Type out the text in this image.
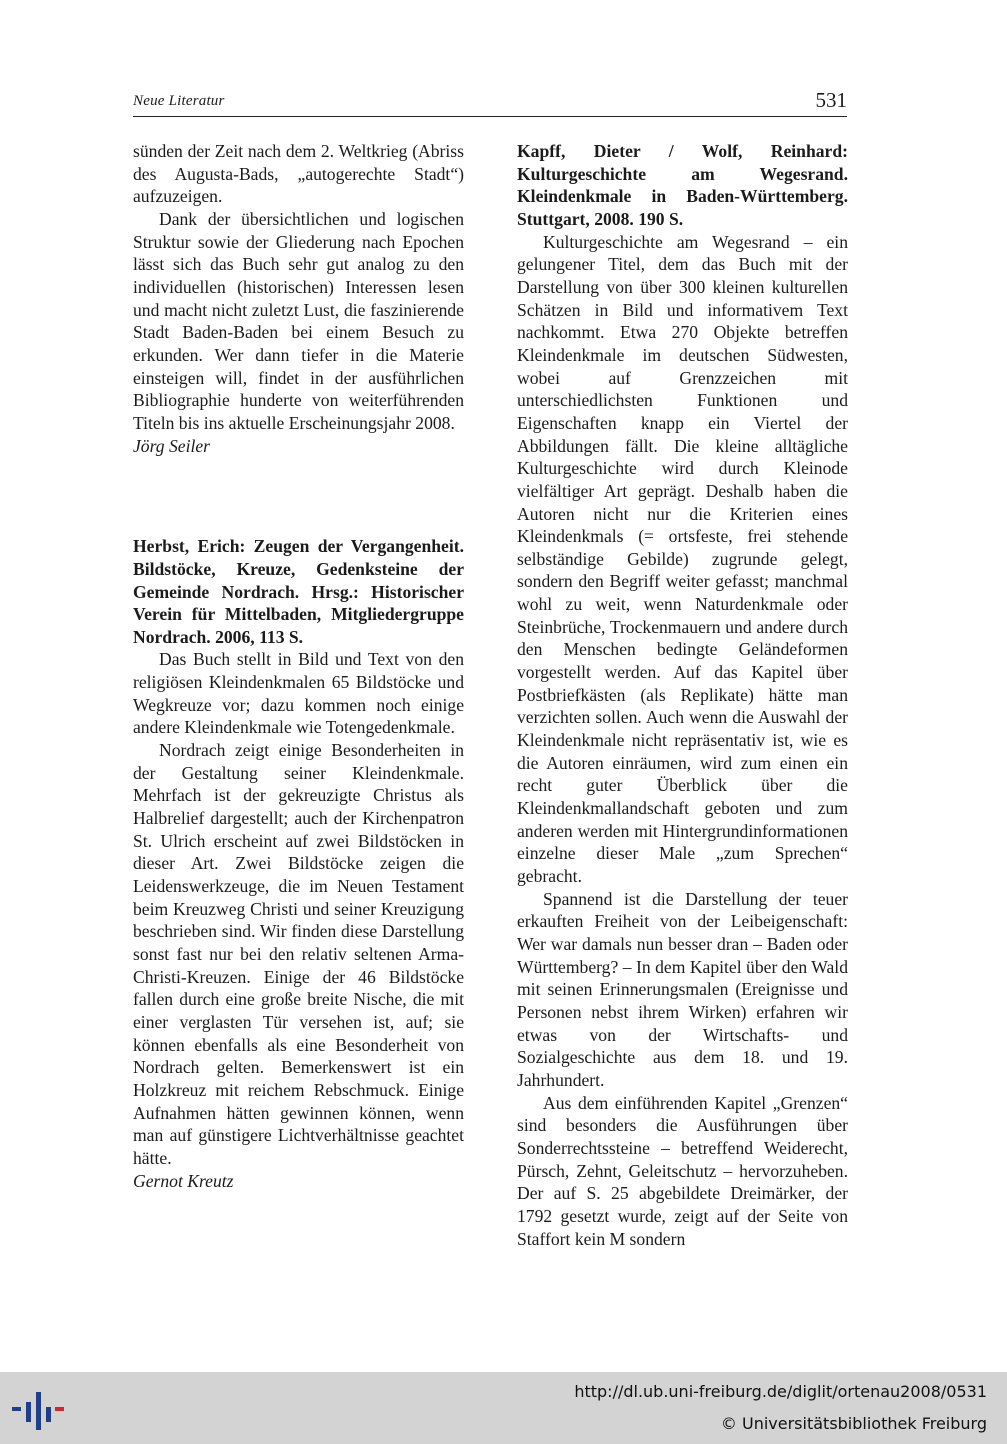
Neue Literatur	531

sünden der Zeit nach dem 2. Weltkrieg (Abriss des Augusta-Bads, „autogerechte Stadt“) aufzuzeigen.

Dank der übersichtlichen und logischen Struktur sowie der Gliederung nach Epochen lässt sich das Buch sehr gut analog zu den individuellen (historischen) Interessen lesen und macht nicht zuletzt Lust, die faszinierende Stadt Baden-Baden bei einem Besuch zu erkunden. Wer dann tiefer in die Materie einsteigen will, findet in der ausführlichen Bibliographie hunderte von weiterführenden Titeln bis ins aktuelle Erscheinungsjahr 2008.

Jörg Seiler

Herbst, Erich: Zeugen der Vergangenheit. Bildstöcke, Kreuze, Gedenksteine der Gemeinde Nordrach. Hrsg.: Historischer Verein für Mittelbaden, Mitgliedergruppe Nordrach. 2006, 113 S.

Das Buch stellt in Bild und Text von den religiösen Kleindenkmalen 65 Bildstöcke und Wegkreuze vor; dazu kommen noch einige andere Kleindenkmale wie Totengedenkmale.

Nordrach zeigt einige Besonderheiten in der Gestaltung seiner Kleindenkmale. Mehrfach ist der gekreuzigte Christus als Halbrelief dargestellt; auch der Kirchenpatron St. Ulrich erscheint auf zwei Bildstöcken in dieser Art. Zwei Bildstöcke zeigen die Leidenswerkzeuge, die im Neuen Testament beim Kreuzweg Christi und seiner Kreuzigung beschrieben sind. Wir finden diese Darstellung sonst fast nur bei den relativ seltenen Arma-Christi-Kreuzen. Einige der 46 Bildstöcke fallen durch eine große breite Nische, die mit einer verglasten Tür versehen ist, auf; sie können ebenfalls als eine Besonderheit von Nordrach gelten. Bemerkenswert ist ein Holzkreuz mit reichem Rebschmuck. Einige Aufnahmen hätten gewinnen können, wenn man auf günstigere Lichtverhältnisse geachtet hätte.

Gernot Kreutz

Kapff, Dieter / Wolf, Reinhard: Kulturgeschichte am Wegesrand. Kleindenkmale in Baden-Württemberg. Stuttgart, 2008. 190 S.

Kulturgeschichte am Wegesrand – ein gelungener Titel, dem das Buch mit der Darstellung von über 300 kleinen kulturellen Schätzen in Bild und informativem Text nachkommt. Etwa 270 Objekte betreffen Kleindenkmale im deutschen Südwesten, wobei auf Grenzzeichen mit unterschiedlichsten Funktionen und Eigenschaften knapp ein Viertel der Abbildungen fällt. Die kleine alltägliche Kulturgeschichte wird durch Kleinode vielfältiger Art geprägt. Deshalb haben die Autoren nicht nur die Kriterien eines Kleindenkmals (= ortsfeste, frei stehende selbständige Gebilde) zugrunde gelegt, sondern den Begriff weiter gefasst; manchmal wohl zu weit, wenn Naturdenkmale oder Steinbrüche, Trockenmauern und andere durch den Menschen bedingte Geländeformen vorgestellt werden. Auf das Kapitel über Postbriefkästen (als Replikate) hätte man verzichten sollen. Auch wenn die Auswahl der Kleindenkmale nicht repräsentativ ist, wie es die Autoren einräumen, wird zum einen ein recht guter Überblick über die Kleindenkmallandschaft geboten und zum anderen werden mit Hintergrundinformationen einzelne dieser Male „zum Sprechen“ gebracht.

Spannend ist die Darstellung der teuer erkauften Freiheit von der Leibeigenschaft: Wer war damals nun besser dran – Baden oder Württemberg? – In dem Kapitel über den Wald mit seinen Erinnerungsmalen (Ereignisse und Personen nebst ihrem Wirken) erfahren wir etwas von der Wirtschafts- und Sozialgeschichte aus dem 18. und 19. Jahrhundert.

Aus dem einführenden Kapitel „Grenzen“ sind besonders die Ausführungen über Sonderrechtssteine – betreffend Weiderecht, Pürsch, Zehnt, Geleitschutz – hervorzuheben. Der auf S. 25 abgebildete Dreimärker, der 1792 gesetzt wurde, zeigt auf der Seite von Staffort kein M sondern

http://dl.ub.uni-freiburg.de/diglit/ortenau2008/0531
© Universitätsbibliothek Freiburg
